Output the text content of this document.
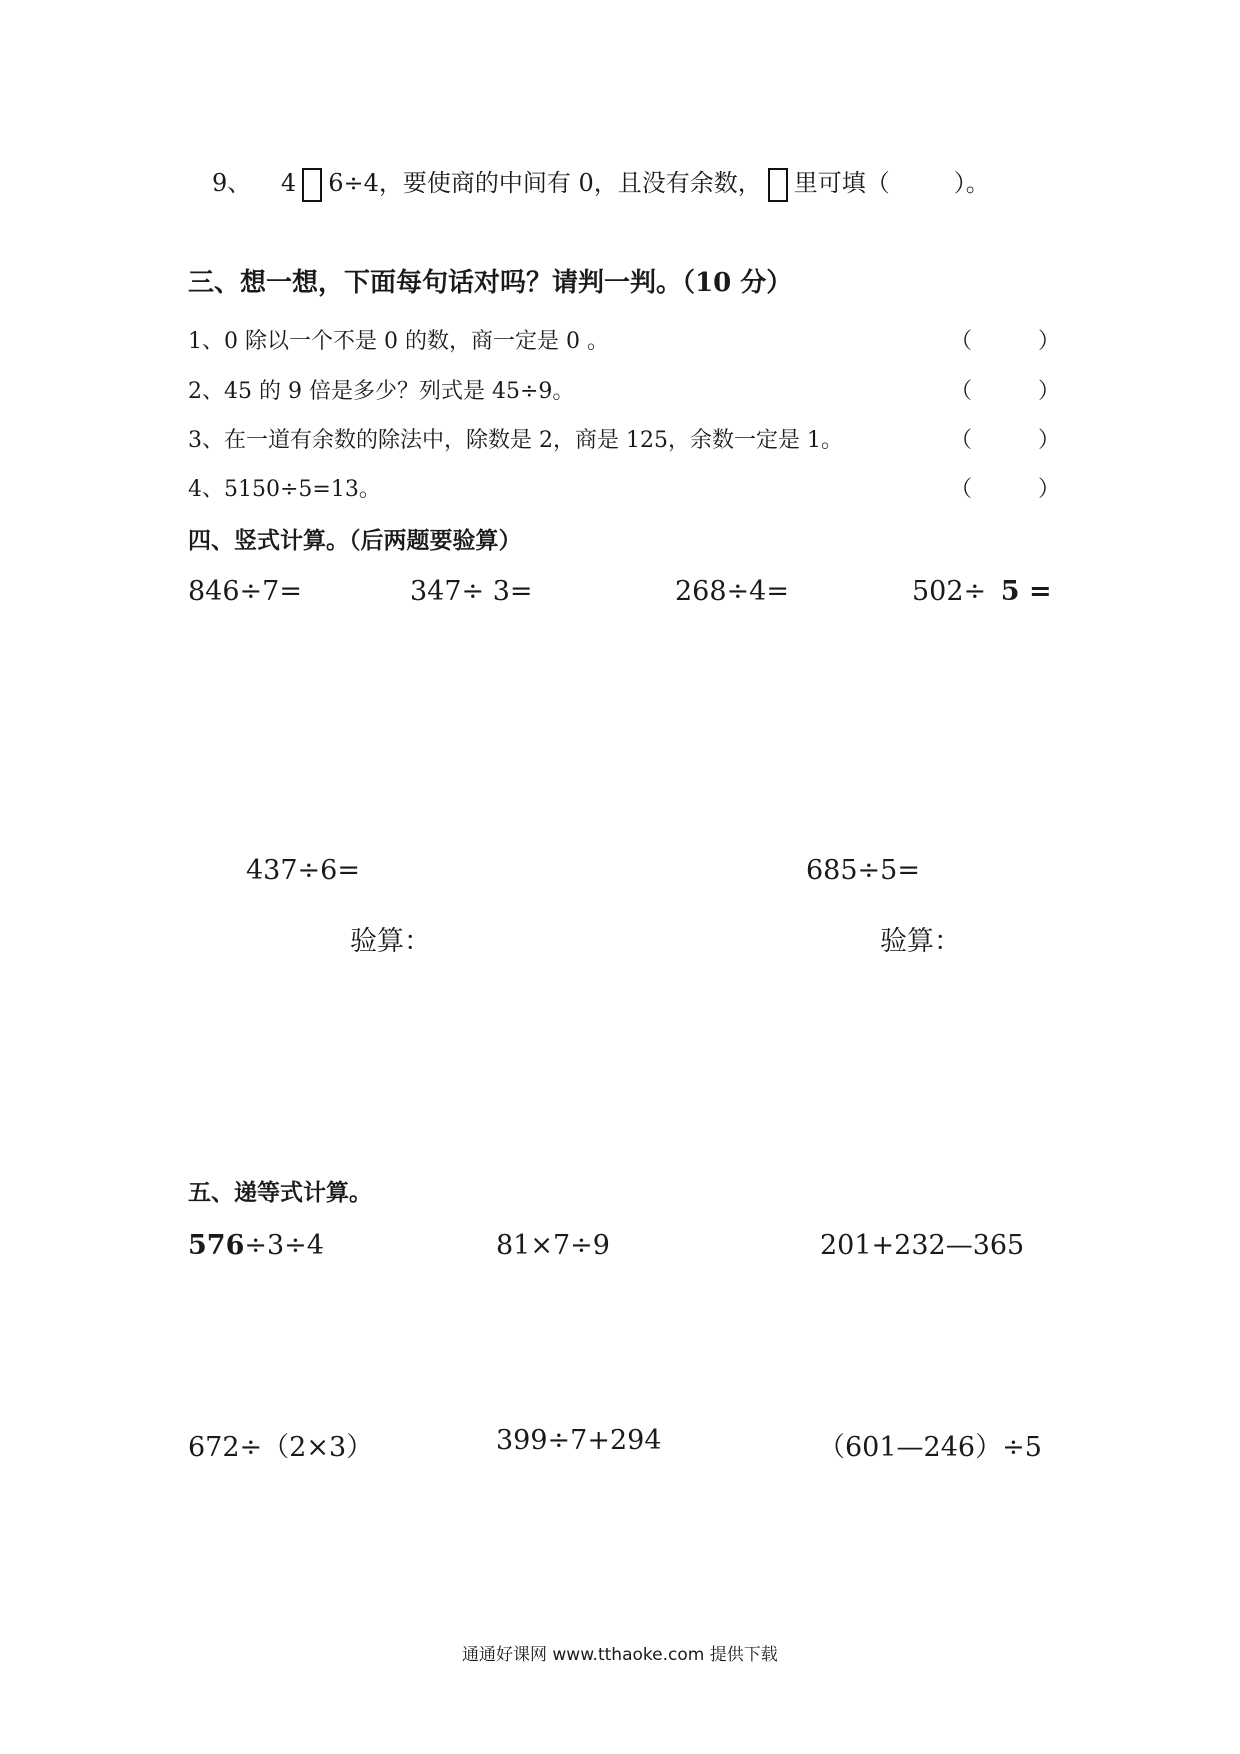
9、 4 6÷4，要使商的中间有 0，且没有余数， 里可填（	）。
三、想一想，下面每句话对吗？请判一判。（10 分）
1、0 除以一个不是 0 的数，商一定是 0 。	（　　　）
2、45 的 9 倍是多少？列式是 45÷9。	（　　　）
3、在一道有余数的除法中，除数是 2，商是 125，余数一定是 1。	（　　　）
4、5150÷5=13。	（　　　）
四、竖式计算。（后两题要验算）
846÷7=	347÷ 3=	268÷4=	502÷ 5 =
437÷6=	685÷5=
验算：	验算：
五、递等式计算。
576÷3÷4	81×7÷9	201+232—365
672÷（2×3）	399÷7+294	（601—246）÷5
通通好课网 www.tthaoke.com 提供下载
